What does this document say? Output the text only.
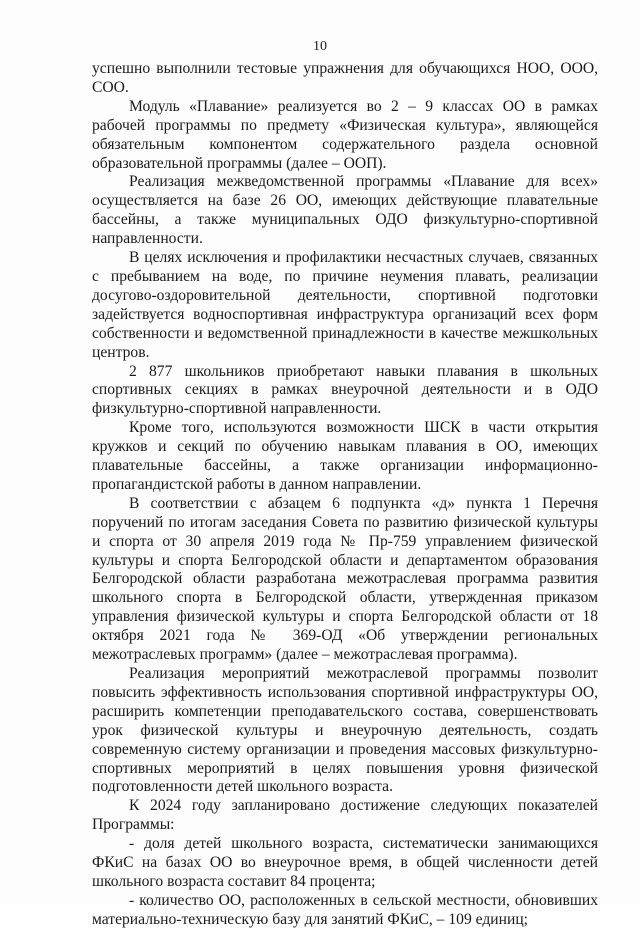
10

успешно выполнили тестовые упражнения для обучающихся НОО, ООО, СОО.

Модуль «Плавание» реализуется во 2 – 9 классах ОО в рамках рабочей программы по предмету «Физическая культура», являющейся обязательным компонентом содержательного раздела основной образовательной программы (далее – ООП).

Реализация межведомственной программы «Плавание для всех» осуществляется на базе 26 ОО, имеющих действующие плавательные бассейны, а также муниципальных ОДО физкультурно-спортивной направленности.

В целях исключения и профилактики несчастных случаев, связанных с пребыванием на воде, по причине неумения плавать, реализации досугово-оздоровительной деятельности, спортивной подготовки задействуется водноспортивная инфраструктура организаций всех форм собственности и ведомственной принадлежности в качестве межшкольных центров.

2 877 школьников приобретают навыки плавания в школьных спортивных секциях в рамках внеурочной деятельности и в ОДО физкультурно-спортивной направленности.

Кроме того, используются возможности ШСК в части открытия кружков и секций по обучению навыкам плавания в ОО, имеющих плавательные бассейны, а также организации информационно-пропагандистской работы в данном направлении.

В соответствии с абзацем 6 подпункта «д» пункта 1 Перечня поручений по итогам заседания Совета по развитию физической культуры и спорта от 30 апреля 2019 года № Пр-759 управлением физической культуры и спорта Белгородской области и департаментом образования Белгородской области разработана межотраслевая программа развития школьного спорта в Белгородской области, утвержденная приказом управления физической культуры и спорта Белгородской области от 18 октября 2021 года № 369-ОД «Об утверждении региональных межотраслевых программ» (далее – межотраслевая программа).

Реализация мероприятий межотраслевой программы позволит повысить эффективность использования спортивной инфраструктуры ОО, расширить компетенции преподавательского состава, совершенствовать урок физической культуры и внеурочную деятельность, создать современную систему организации и проведения массовых физкультурно-спортивных мероприятий в целях повышения уровня физической подготовленности детей школьного возраста.

К 2024 году запланировано достижение следующих показателей Программы:

- доля детей школьного возраста, систематически занимающихся ФКиС на базах ОО во внеурочное время, в общей численности детей школьного возраста составит 84 процента;

- количество ОО, расположенных в сельской местности, обновивших материально-техническую базу для занятий ФКиС, – 109 единиц;
